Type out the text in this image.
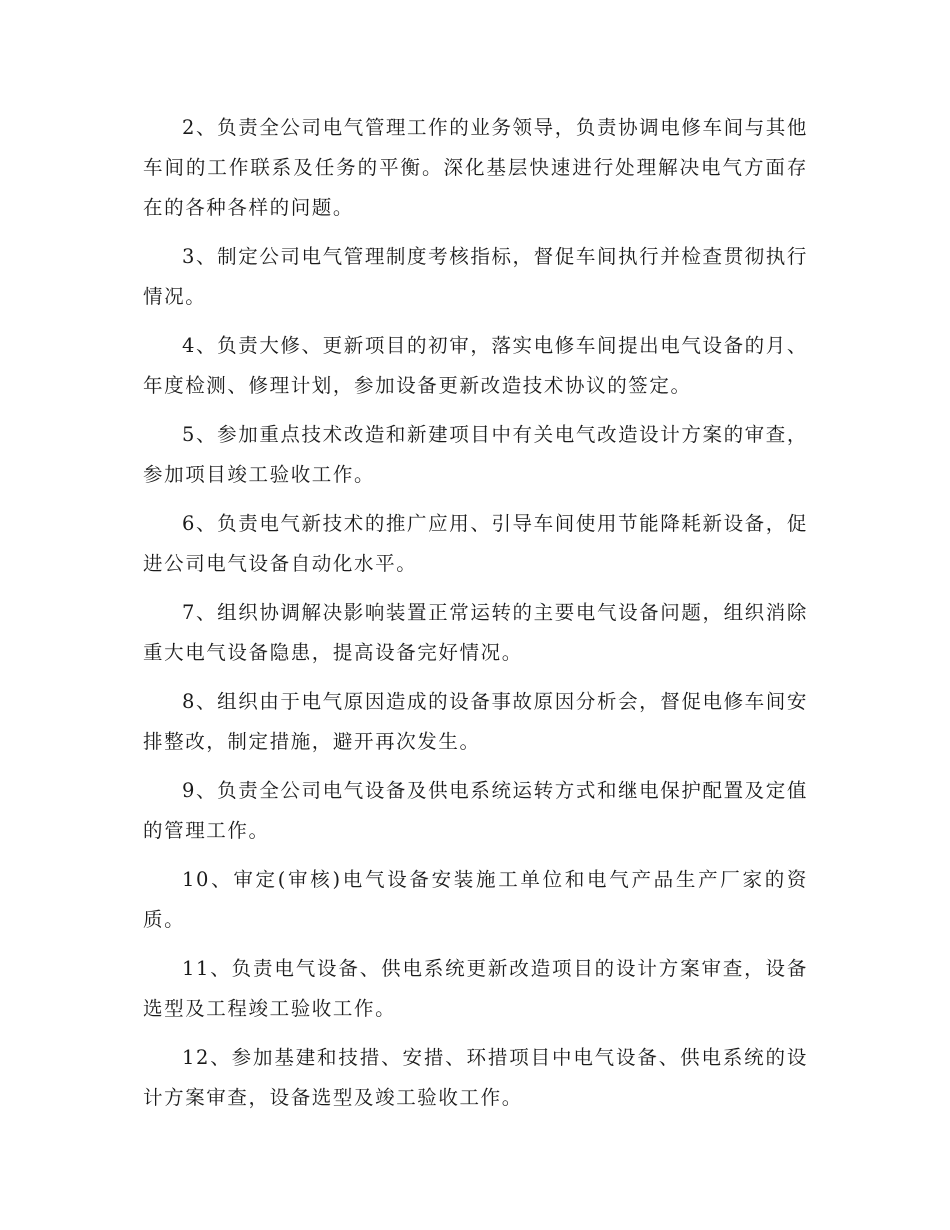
2、负责全公司电气管理工作的业务领导，负责协调电修车间与其他车间的工作联系及任务的平衡。深化基层快速进行处理解决电气方面存在的各种各样的问题。

3、制定公司电气管理制度考核指标，督促车间执行并检查贯彻执行情况。

4、负责大修、更新项目的初审，落实电修车间提出电气设备的月、年度检测、修理计划，参加设备更新改造技术协议的签定。

5、参加重点技术改造和新建项目中有关电气改造设计方案的审查，参加项目竣工验收工作。

6、负责电气新技术的推广应用、引导车间使用节能降耗新设备，促进公司电气设备自动化水平。

7、组织协调解决影响装置正常运转的主要电气设备问题，组织消除重大电气设备隐患，提高设备完好情况。

8、组织由于电气原因造成的设备事故原因分析会，督促电修车间安排整改，制定措施，避开再次发生。

9、负责全公司电气设备及供电系统运转方式和继电保护配置及定值的管理工作。

10、审定(审核)电气设备安装施工单位和电气产品生产厂家的资质。

11、负责电气设备、供电系统更新改造项目的设计方案审查，设备选型及工程竣工验收工作。

12、参加基建和技措、安措、环措项目中电气设备、供电系统的设计方案审查，设备选型及竣工验收工作。
